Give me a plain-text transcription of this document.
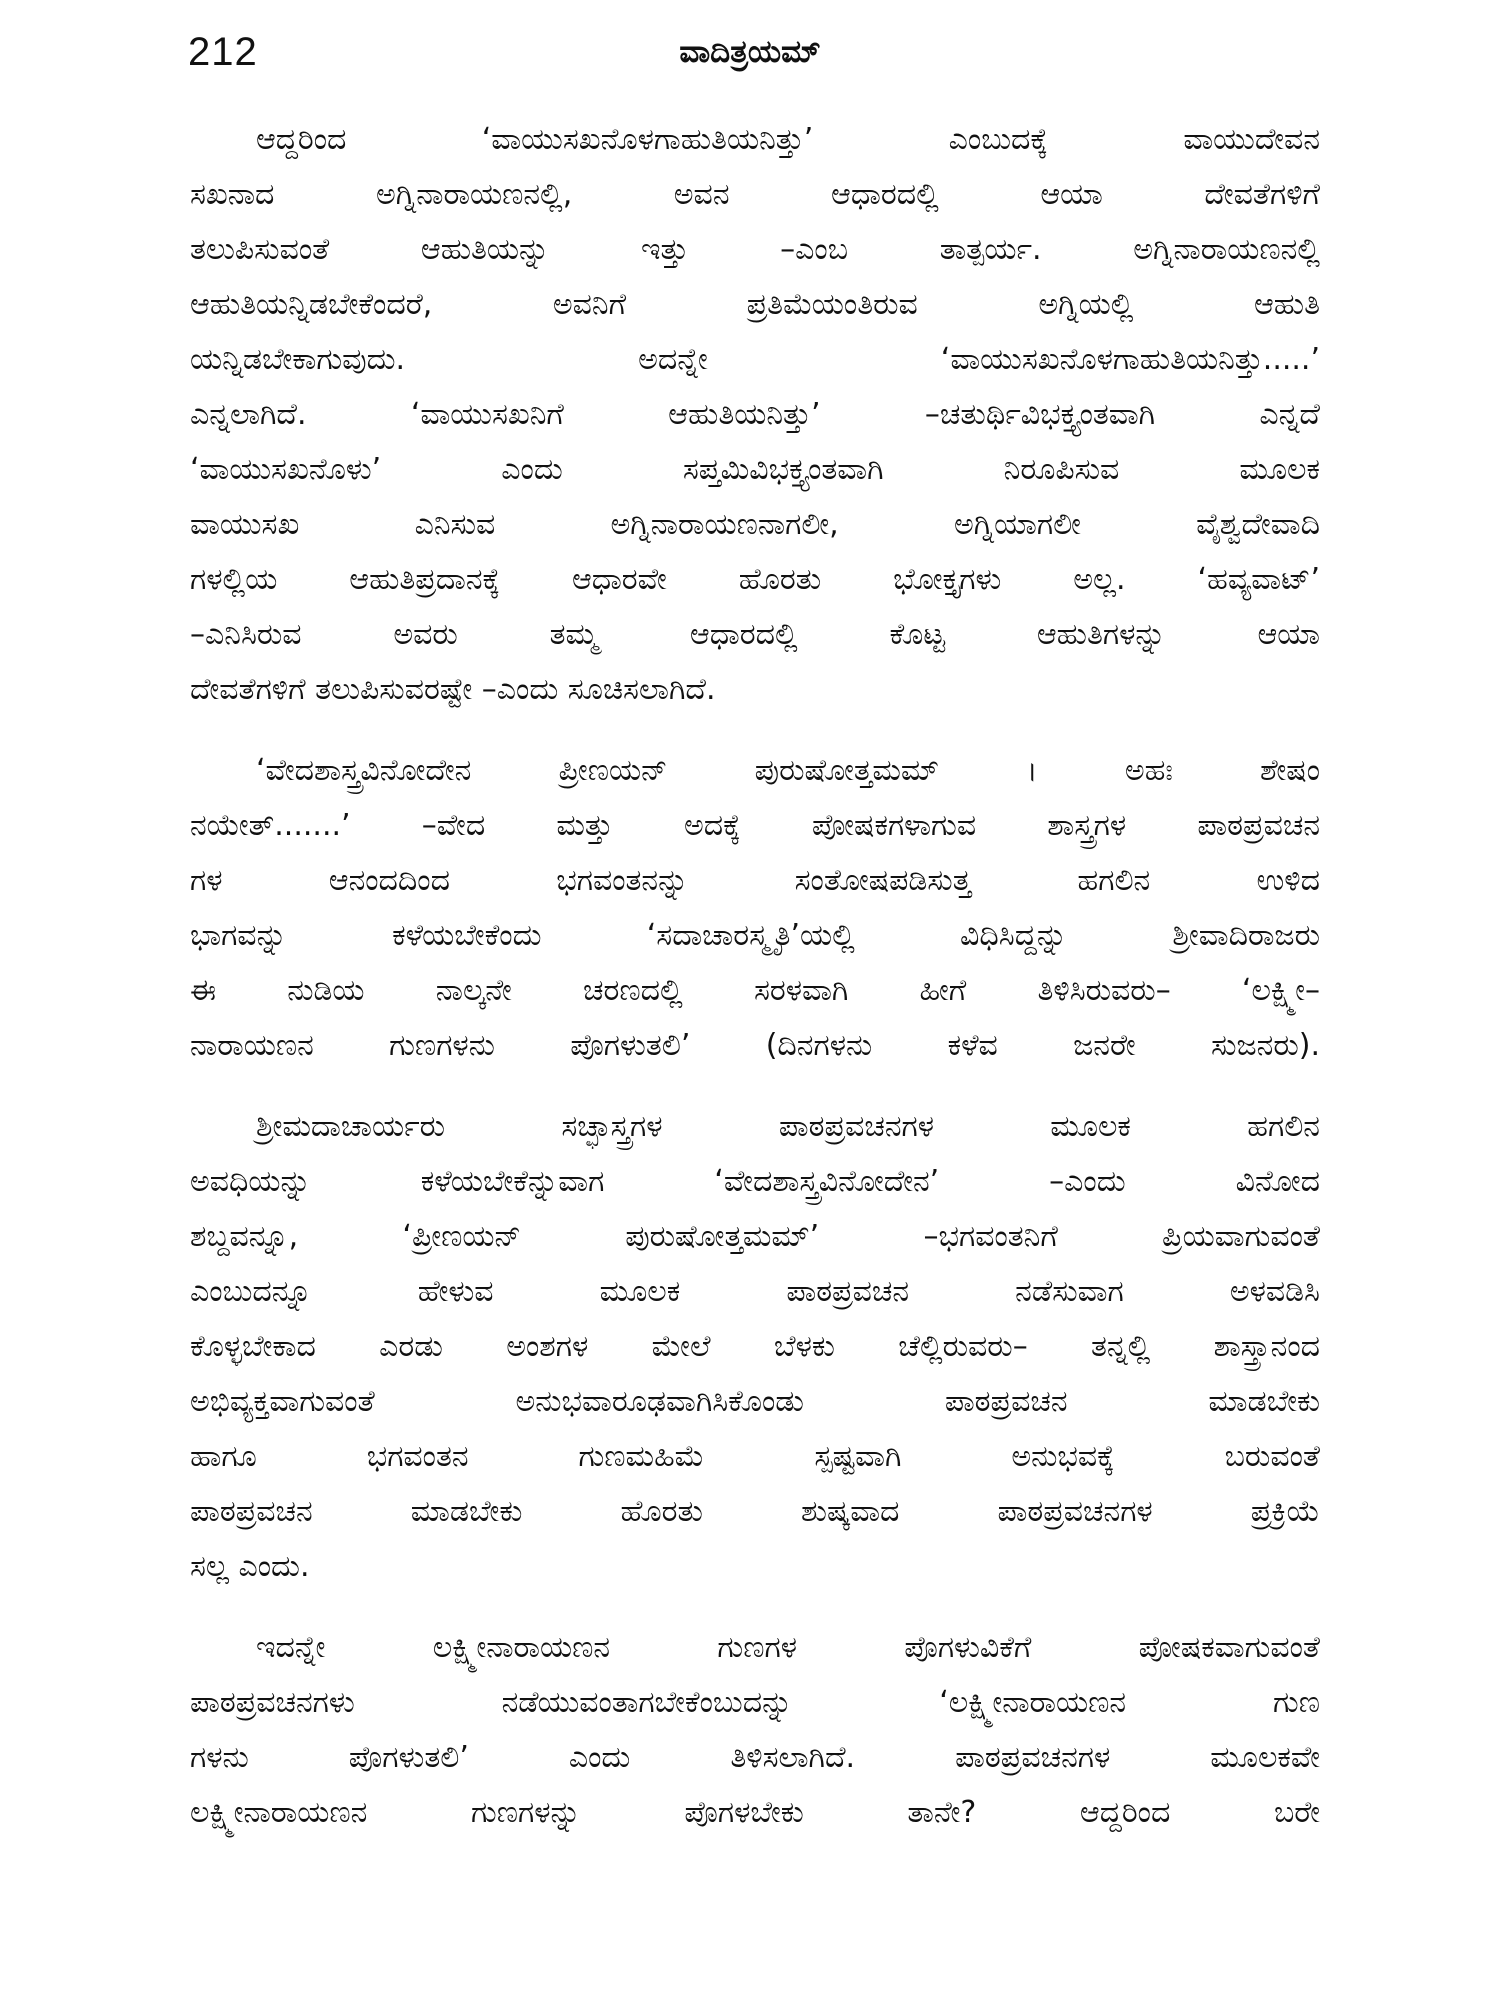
212	ವಾದಿತ್ರಯಮ್
ಆದ್ದರಿಂದ ‘ವಾಯುಸಖನೊಳಗಾಹುತಿಯನಿತ್ತು’ ಎಂಬುದಕ್ಕೆ ವಾಯುದೇವನ
ಸಖನಾದ ಅಗ್ನಿನಾರಾಯಣನಲ್ಲಿ, ಅವನ ಆಧಾರದಲ್ಲಿ ಆಯಾ ದೇವತೆಗಳಿಗೆ
ತಲುಪಿಸುವಂತೆ ಆಹುತಿಯನ್ನು ಇತ್ತು –ಎಂಬ ತಾತ್ಪರ್ಯ. ಅಗ್ನಿನಾರಾಯಣನಲ್ಲಿ
ಆಹುತಿಯನ್ನಿಡಬೇಕೆಂದರೆ, ಅವನಿಗೆ ಪ್ರತಿಮೆಯಂತಿರುವ ಅಗ್ನಿಯಲ್ಲಿ ಆಹುತಿ
ಯನ್ನಿಡಬೇಕಾಗುವುದು. ಅದನ್ನೇ ‘ವಾಯುಸಖನೊಳಗಾಹುತಿಯನಿತ್ತು.....’
ಎನ್ನಲಾಗಿದೆ. ‘ವಾಯುಸಖನಿಗೆ ಆಹುತಿಯನಿತ್ತು’ –ಚತುರ್ಥಿವಿಭಕ್ತ್ಯಂತವಾಗಿ ಎನ್ನದೆ
‘ವಾಯುಸಖನೊಳು’ ಎಂದು ಸಪ್ತಮಿವಿಭಕ್ತ್ಯಂತವಾಗಿ ನಿರೂಪಿಸುವ ಮೂಲಕ
ವಾಯುಸಖ ಎನಿಸುವ ಅಗ್ನಿನಾರಾಯಣನಾಗಲೀ, ಅಗ್ನಿಯಾಗಲೀ ವೈಶ್ವದೇವಾದಿ
ಗಳಲ್ಲಿಯ ಆಹುತಿಪ್ರದಾನಕ್ಕೆ ಆಧಾರವೇ ಹೊರತು ಭೋಕ್ತೃಗಳು ಅಲ್ಲ. ‘ಹವ್ಯವಾಟ್’
–ಎನಿಸಿರುವ ಅವರು ತಮ್ಮ ಆಧಾರದಲ್ಲಿ ಕೊಟ್ಟ ಆಹುತಿಗಳನ್ನು ಆಯಾ
ದೇವತೆಗಳಿಗೆ ತಲುಪಿಸುವರಷ್ಟೇ –ಎಂದು ಸೂಚಿಸಲಾಗಿದೆ.
‘ವೇದಶಾಸ್ತ್ರವಿನೋದೇನ ಪ್ರೀಣಯನ್ ಪುರುಷೋತ್ತಮಮ್ । ಅಹಃ ಶೇಷಂ
ನಯೇತ್.......’ –ವೇದ ಮತ್ತು ಅದಕ್ಕೆ ಪೋಷಕಗಳಾಗುವ ಶಾಸ್ತ್ರಗಳ ಪಾಠಪ್ರವಚನ
ಗಳ ಆನಂದದಿಂದ ಭಗವಂತನನ್ನು ಸಂತೋಷಪಡಿಸುತ್ತ ಹಗಲಿನ ಉಳಿದ
ಭಾಗವನ್ನು ಕಳೆಯಬೇಕೆಂದು ‘ಸದಾಚಾರಸ್ಮೃತಿ’ಯಲ್ಲಿ ವಿಧಿಸಿದ್ದನ್ನು ಶ್ರೀವಾದಿರಾಜರು
ಈ ನುಡಿಯ ನಾಲ್ಕನೇ ಚರಣದಲ್ಲಿ ಸರಳವಾಗಿ ಹೀಗೆ ತಿಳಿಸಿರುವರು– ‘ಲಕ್ಷ್ಮೀ–
ನಾರಾಯಣನ ಗುಣಗಳನು ಪೊಗಳುತಲಿ’ (ದಿನಗಳನು ಕಳೆವ ಜನರೇ ಸುಜನರು).
ಶ್ರೀಮದಾಚಾರ್ಯರು ಸಚ್ಛಾಸ್ತ್ರಗಳ ಪಾಠಪ್ರವಚನಗಳ ಮೂಲಕ ಹಗಲಿನ
ಅವಧಿಯನ್ನು ಕಳೆಯಬೇಕೆನ್ನುವಾಗ ‘ವೇದಶಾಸ್ತ್ರವಿನೋದೇನ’ –ಎಂದು ವಿನೋದ
ಶಬ್ದವನ್ನೂ, ‘ಪ್ರೀಣಯನ್ ಪುರುಷೋತ್ತಮಮ್’ –ಭಗವಂತನಿಗೆ ಪ್ರಿಯವಾಗುವಂತೆ
ಎಂಬುದನ್ನೂ ಹೇಳುವ ಮೂಲಕ ಪಾಠಪ್ರವಚನ ನಡೆಸುವಾಗ ಅಳವಡಿಸಿ
ಕೊಳ್ಳಬೇಕಾದ ಎರಡು ಅಂಶಗಳ ಮೇಲೆ ಬೆಳಕು ಚೆಲ್ಲಿರುವರು– ತನ್ನಲ್ಲಿ ಶಾಸ್ತ್ರಾನಂದ
ಅಭಿವ್ಯಕ್ತವಾಗುವಂತೆ ಅನುಭವಾರೂಢವಾಗಿಸಿಕೊಂಡು ಪಾಠಪ್ರವಚನ ಮಾಡಬೇಕು
ಹಾಗೂ ಭಗವಂತನ ಗುಣಮಹಿಮೆ ಸ್ಪಷ್ಟವಾಗಿ ಅನುಭವಕ್ಕೆ ಬರುವಂತೆ
ಪಾಠಪ್ರವಚನ ಮಾಡಬೇಕು ಹೊರತು ಶುಷ್ಕವಾದ ಪಾಠಪ್ರವಚನಗಳ ಪ್ರಕ್ರಿಯೆ
ಸಲ್ಲ ಎಂದು.
ಇದನ್ನೇ ಲಕ್ಷ್ಮೀನಾರಾಯಣನ ಗುಣಗಳ ಪೊಗಳುವಿಕೆಗೆ ಪೋಷಕವಾಗುವಂತೆ
ಪಾಠಪ್ರವಚನಗಳು ನಡೆಯುವಂತಾಗಬೇಕೆಂಬುದನ್ನು ‘ಲಕ್ಷ್ಮೀನಾರಾಯಣನ ಗುಣ
ಗಳನು ಪೊಗಳುತಲಿ’ ಎಂದು ತಿಳಿಸಲಾಗಿದೆ. ಪಾಠಪ್ರವಚನಗಳ ಮೂಲಕವೇ
ಲಕ್ಷ್ಮೀನಾರಾಯಣನ ಗುಣಗಳನ್ನು ಪೊಗಳಬೇಕು ತಾನೇ? ಆದ್ದರಿಂದ ಬರೇ
